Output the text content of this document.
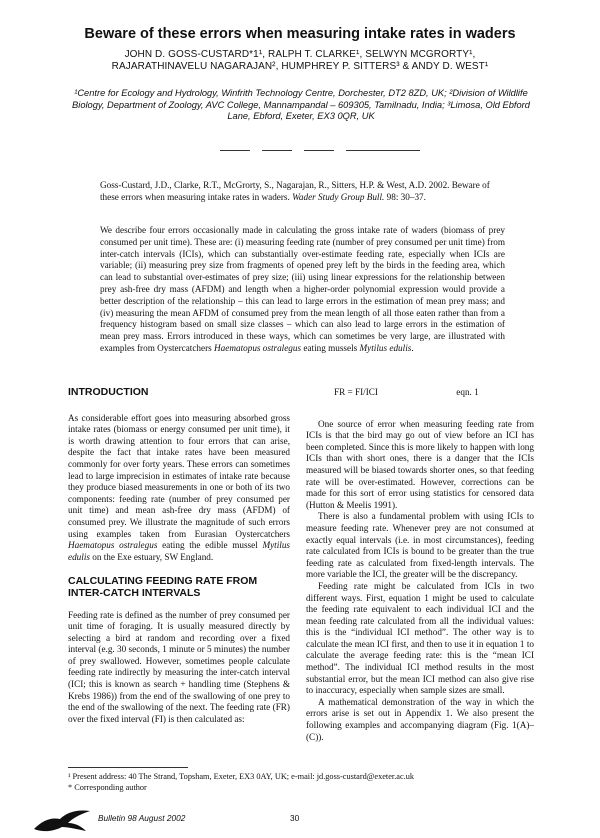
Beware of these errors when measuring intake rates in waders
JOHN D. GOSS-CUSTARD*1¹, RALPH T. CLARKE¹, SELWYN MCGRORTY¹, RAJARATHINAVELU NAGARAJAN², HUMPHREY P. SITTERS³ & ANDY D. WEST¹
¹Centre for Ecology and Hydrology, Winfrith Technology Centre, Dorchester, DT2 8ZD, UK; ²Division of Wildlife Biology, Department of Zoology, AVC College, Mannampandal – 609305, Tamilnadu, India; ³Limosa, Old Ebford Lane, Ebford, Exeter, EX3 0QR, UK
Goss-Custard, J.D., Clarke, R.T., McGrorty, S., Nagarajan, R., Sitters, H.P. & West, A.D. 2002. Beware of these errors when measuring intake rates in waders. Wader Study Group Bull. 98: 30–37.
We describe four errors occasionally made in calculating the gross intake rate of waders (biomass of prey consumed per unit time). These are: (i) measuring feeding rate (number of prey consumed per unit time) from inter-catch intervals (ICIs), which can substantially over-estimate feeding rate, especially when ICIs are variable; (ii) measuring prey size from fragments of opened prey left by the birds in the feeding area, which can lead to substantial over-estimates of prey size; (iii) using linear expressions for the relationship between prey ash-free dry mass (AFDM) and length when a higher-order polynomial expression would provide a better description of the relationship – this can lead to large errors in the estimation of mean prey mass; and (iv) measuring the mean AFDM of consumed prey from the mean length of all those eaten rather than from a frequency histogram based on small size classes – which can also lead to large errors in the estimation of mean prey mass. Errors introduced in these ways, which can sometimes be very large, are illustrated with examples from Oystercatchers Haematopus ostralegus eating mussels Mytilus edulis.
INTRODUCTION

As considerable effort goes into measuring absorbed gross intake rates (biomass or energy consumed per unit time), it is worth drawing attention to four errors that can arise, despite the fact that intake rates have been measured commonly for over forty years. These errors can sometimes lead to large imprecision in estimates of intake rate because they produce biased measurements in one or both of its two components: feeding rate (number of prey consumed per unit time) and mean ash-free dry mass (AFDM) of consumed prey. We illustrate the magnitude of such errors using examples taken from Eurasian Oystercatchers Haematopus ostralegus eating the edible mussel Mytilus edulis on the Exe estuary, SW England.

CALCULATING FEEDING RATE FROM INTER-CATCH INTERVALS

Feeding rate is defined as the number of prey consumed per unit time of foraging. It is usually measured directly by selecting a bird at random and recording over a fixed interval (e.g. 30 seconds, 1 minute or 5 minutes) the number of prey swallowed. However, sometimes people calculate feeding rate indirectly by measuring the inter-catch interval (ICI; this is known as search + handling time (Stephens & Krebs 1986)) from the end of the swallowing of one prey to the end of the swallowing of the next. The feeding rate (FR) over the fixed interval (FI) is then calculated as:

FR = FI/ICI	eqn. 1

One source of error when measuring feeding rate from ICIs is that the bird may go out of view before an ICI has been completed. Since this is more likely to happen with long ICIs than with short ones, there is a danger that the ICIs measured will be biased towards shorter ones, so that feeding rate will be over-estimated. However, corrections can be made for this sort of error using statistics for censored data (Hutton & Meelis 1991).

There is also a fundamental problem with using ICIs to measure feeding rate. Whenever prey are not consumed at exactly equal intervals (i.e. in most circumstances), feeding rate calculated from ICIs is bound to be greater than the true feeding rate as calculated from fixed-length intervals. The more variable the ICI, the greater will be the discrepancy.

Feeding rate might be calculated from ICIs in two different ways. First, equation 1 might be used to calculate the feeding rate equivalent to each individual ICI and the mean feeding rate calculated from all the individual values: this is the “individual ICI method”. The other way is to calculate the mean ICI first, and then to use it in equation 1 to calculate the average feeding rate: this is the “mean ICI method”. The individual ICI method results in the most substantial error, but the mean ICI method can also give rise to inaccuracy, especially when sample sizes are small.

A mathematical demonstration of the way in which the errors arise is set out in Appendix 1. We also present the following examples and accompanying diagram (Fig. 1(A)–(C)).

¹ Present address: 40 The Strand, Topsham, Exeter, EX3 0AY, UK; e-mail: jd.goss-custard@exeter.ac.uk
* Corresponding author
Bulletin 98 August 2002	30
